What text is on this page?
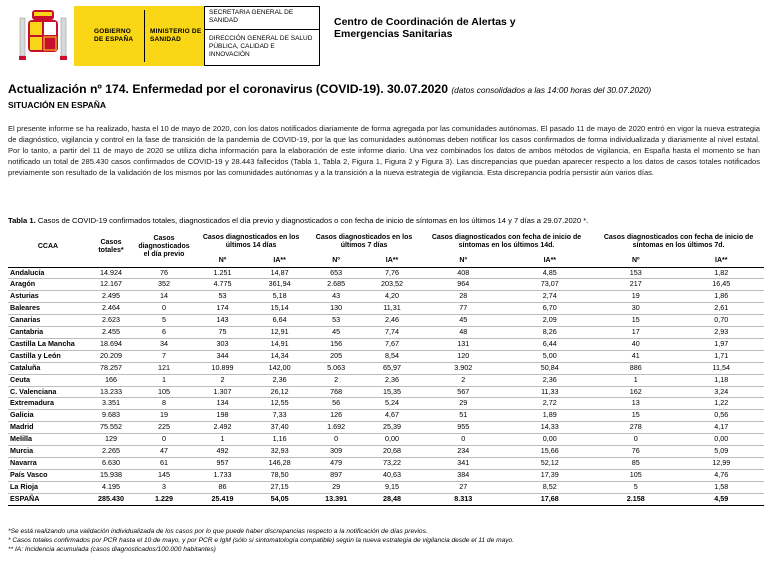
GOBIERNO DE ESPAÑA
MINISTERIO DE SANIDAD
SECRETARIA GENERAL DE SANIDAD
DIRECCIÓN GENERAL DE SALUD PÚBLICA, CALIDAD E INNOVACIÓN
Centro de Coordinación de Alertas y Emergencias Sanitarias
Actualización nº 174. Enfermedad por el coronavirus (COVID-19). 30.07.2020 (datos consolidados a las 14:00 horas del 30.07.2020)
SITUACIÓN EN ESPAÑA
El presente informe se ha realizado, hasta el 10 de mayo de 2020, con los datos notificados diariamente de forma agregada por las comunidades autónomas. El pasado 11 de mayo de 2020 entró en vigor la nueva estrategia de diagnóstico, vigilancia y control en la fase de transición de la pandemia de COVID-19, por la que las comunidades autónomas deben notificar los casos confirmados de forma individualizada y diariamente al nivel estatal. Por lo tanto, a partir del 11 de mayo de 2020 se utiliza dicha información para la elaboración de este informe diario. Una vez combinados los datos de ambos métodos de vigilancia, en España hasta el momento se han notificado un total de 285.430 casos confirmados de COVID-19 y 28.443 fallecidos (Tabla 1, Tabla 2, Figura 1, Figura 2 y Figura 3). Las discrepancias que puedan aparecer respecto a los datos de casos totales notificados previamente son resultado de la validación de los mismos por las comunidades autónomas y a la transición a la nueva estrategia de vigilancia. Esta discrepancia podría persistir aún varios días.
Tabla 1. Casos de COVID-19 confirmados totales, diagnosticados el día previo y diagnosticados o con fecha de inicio de síntomas en los últimos 14 y 7 días a 29.07.2020 *.
CCAA	Casos totales*	Casos diagnosticados el día previo	Casos diagnosticados en los últimos 14 días		Casos diagnosticados en los últimos 7 días		Casos diagnosticados con fecha de inicio de síntomas en los últimos 14d.		Casos diagnosticados con fecha de inicio de síntomas en los últimos 7d.	
			Nº	IA**	Nº	IA**	Nº	IA**	Nº	IA**
Andalucía	14.924	76	1.251	14,87	653	7,76	408	4,85	153	1,82
Aragón	12.167	352	4.775	361,94	2.685	203,52	964	73,07	217	16,45
Asturias	2.495	14	53	5,18	43	4,20	28	2,74	19	1,86
Baleares	2.464	0	174	15,14	130	11,31	77	6,70	30	2,61
Canarias	2.623	5	143	6,64	53	2,46	45	2,09	15	0,70
Cantabria	2.455	6	75	12,91	45	7,74	48	8,26	17	2,93
Castilla La Mancha	18.694	34	303	14,91	156	7,67	131	6,44	40	1,97
Castilla y León	20.209	7	344	14,34	205	8,54	120	5,00	41	1,71
Cataluña	78.257	121	10.899	142,00	5.063	65,97	3.902	50,84	886	11,54
Ceuta	166	1	2	2,36	2	2,36	2	2,36	1	1,18
C. Valenciana	13.233	105	1.307	26,12	768	15,35	567	11,33	162	3,24
Extremadura	3.351	8	134	12,55	56	5,24	29	2,72	13	1,22
Galicia	9.683	19	198	7,33	126	4,67	51	1,89	15	0,56
Madrid	75.552	225	2.492	37,40	1.692	25,39	955	14,33	278	4,17
Melilla	129	0	1	1,16	0	0,00	0	0,00	0	0,00
Murcia	2.265	47	492	32,93	309	20,68	234	15,66	76	5,09
Navarra	6.630	61	957	146,28	479	73,22	341	52,12	85	12,99
País Vasco	15.938	145	1.733	78,50	897	40,63	384	17,39	105	4,76
La Rioja	4.195	3	86	27,15	29	9,15	27	8,52	5	1,58
ESPAÑA	285.430	1.229	25.419	54,05	13.391	28,48	8.313	17,68	2.158	4,59
*Se está realizando una validación individualizada de los casos por lo que puede haber discrepancias respecto a la notificación de días previos.
* Casos totales confirmados por PCR hasta el 10 de mayo, y por PCR e IgM (sólo si sintomatología compatible) según la nueva estrategia de vigilancia desde el 11 de mayo.
** IA: Incidencia acumulada (casos diagnosticados/100.000 habitantes)
